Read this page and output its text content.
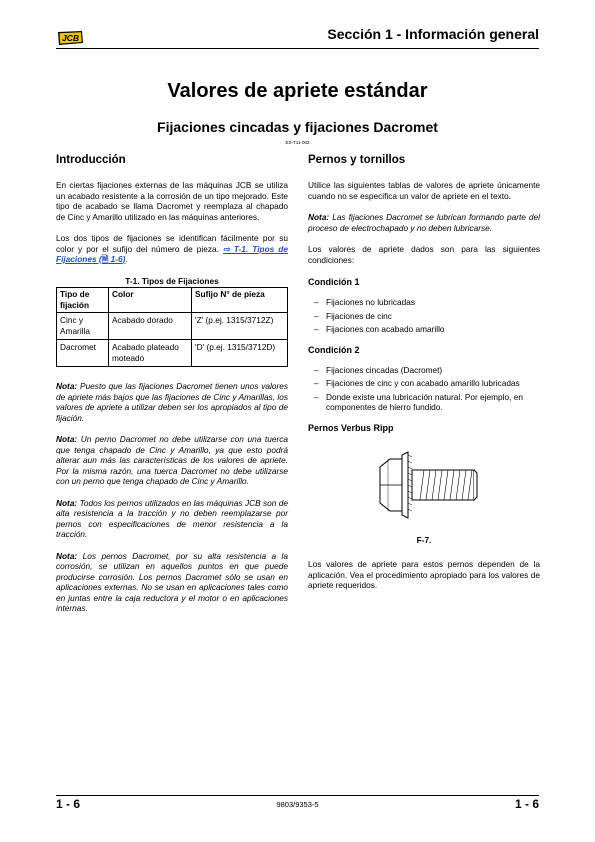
JCB	Sección 1 - Información general
Valores de apriete estándar
Fijaciones cincadas y fijaciones Dacromet
ES-T11-002
Introducción

En ciertas fijaciones externas de las máquinas JCB se utiliza un acabado resistente a la corrosión de un tipo mejorado. Este tipo de acabado se llama Dacromet y reemplaza al chapado de Cinc y Amarillo utilizado en las máquinas anteriores.

Los dos tipos de fijaciones se identifican fácilmente por su color y por el sufijo del número de pieza. ⇨ T-1. Tipos de Fijaciones (🗎 1-6).

T-1. Tipos de Fijaciones
Tipo de fijación	Color	Sufijo N° de pieza
Cinc y Amarilla	Acabado dorado	'Z' (p.ej. 1315/3712Z)
Dacromet	Acabado plateado moteado	'D' (p.ej. 1315/3712D)

Nota: Puesto que las fijaciones Dacromet tienen unos valores de apriete más bajos que las fijaciones de Cinc y Amarillas, los valores de apriete a utilizar deben ser los apropiados al tipo de fijación.

Nota: Un perno Dacromet no debe utilizarse con una tuerca que tenga chapado de Cinc y Amarillo, ya que esto podrá alterar aun más las características de los valores de apriete. Por la misma razón, una tuerca Dacromet no debe utilizarse con un perno que tenga chapado de Cinc y Amarillo.

Nota: Todos los pernos utilizados en las máquinas JCB son de alta resistencia a la tracción y no deben reemplazarse por pernos con especificaciones de menor resistencia a la tracción.

Nota: Los pernos Dacromet, por su alta resistencia a la corrosión, se utilizan en aquellos puntos en que puede producirse corrosión. Los pernos Dacromet sólo se usan en aplicaciones externas. No se usan en aplicaciones tales como en juntas entre la caja reductora y el motor o en aplicaciones internas.

Pernos y tornillos

Utilice las siguientes tablas de valores de apriete únicamente cuando no se especifica un valor de apriete en el texto.

Nota: Las fijaciones Dacromet se lubrican formando parte del proceso de electrochapado y no deben lubricarse.

Los valores de apriete dados son para las siguientes condiciones:

Condición 1
– Fijaciones no lubricadas
– Fijaciones de cinc
– Fijaciones con acabado amarillo
Condición 2
– Fijaciones cincadas (Dacromet)
– Fijaciones de cinc y con acabado amarillo lubricadas
– Donde existe una lubricación natural. Por ejemplo, en componentes de hierro fundido.
Pernos Verbus Ripp
F-7.

Los valores de apriete para estos pernos dependen de la aplicación. Vea el procedimiento apropiado para los valores de apriete requeridos.

1 - 6	9803/9353-5	1 - 6
